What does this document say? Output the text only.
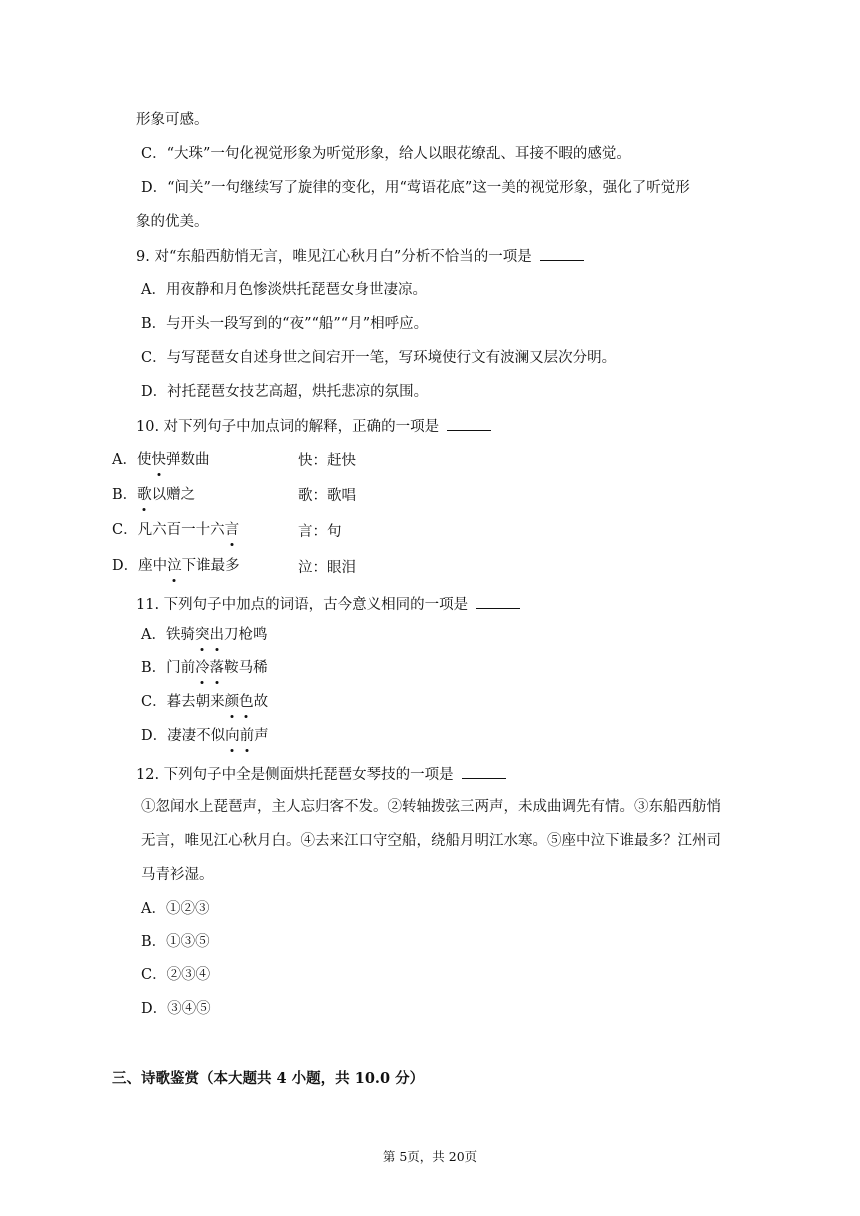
形象可感。
C．“大珠”一句化视觉形象为听觉形象，给人以眼花缭乱、耳接不暇的感觉。
D．“间关”一句继续写了旋律的变化，用“莺语花底”这一美的视觉形象，强化了听觉形
象的优美。
9. 对“东船西舫悄无言，唯见江心秋月白”分析不恰当的一项是
A．用夜静和月色惨淡烘托琵琶女身世凄凉。
B．与开头一段写到的“夜”“船”“月”相呼应。
C．与写琵琶女自述身世之间宕开一笔，写环境使行文有波澜又层次分明。
D．衬托琵琶女技艺高超，烘托悲凉的氛围。
10. 对下列句子中加点词的解释，正确的一项是
A．使快弹数曲	快：赶快
B．歌以赠之	歌：歌唱
C．凡六百一十六言	言：句
D．座中泣下谁最多	泣：眼泪
11. 下列句子中加点的词语，古今意义相同的一项是
A．铁骑突出刀枪鸣
B．门前冷落鞍马稀
C．暮去朝来颜色故
D．凄凄不似向前声
12. 下列句子中全是侧面烘托琵琶女琴技的一项是
①忽闻水上琵琶声，主人忘归客不发。②转轴拨弦三两声，未成曲调先有情。③东船西舫悄
无言，唯见江心秋月白。④去来江口守空船，绕船月明江水寒。⑤座中泣下谁最多？江州司
马青衫湿。
A．①②③
B．①③⑤
C．②③④
D．③④⑤
三、诗歌鉴赏（本大题共 4 小题，共 10.0 分）
第 5页，共 20页
